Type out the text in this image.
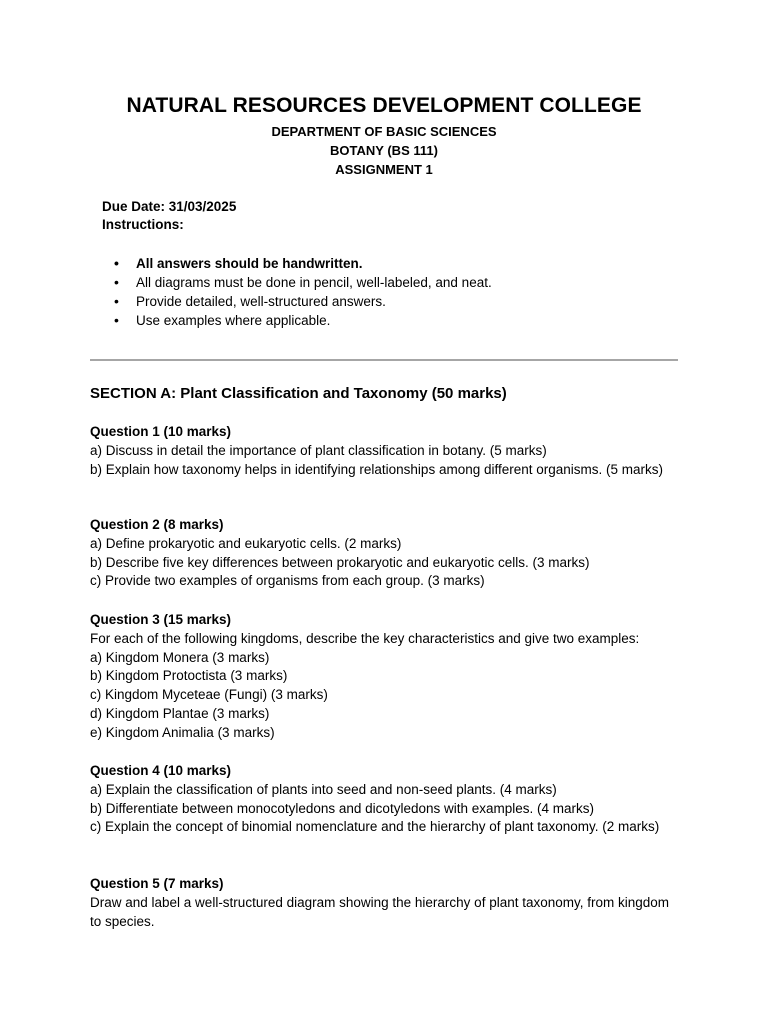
NATURAL RESOURCES DEVELOPMENT COLLEGE
DEPARTMENT OF BASIC SCIENCES
BOTANY (BS 111)
ASSIGNMENT 1
Due Date: 31/03/2025
Instructions:
• All answers should be handwritten.
• All diagrams must be done in pencil, well-labeled, and neat.
• Provide detailed, well-structured answers.
• Use examples where applicable.
SECTION A: Plant Classification and Taxonomy (50 marks)
Question 1 (10 marks)
a) Discuss in detail the importance of plant classification in botany. (5 marks)
b) Explain how taxonomy helps in identifying relationships among different organisms. (5 marks)
Question 2 (8 marks)
a) Define prokaryotic and eukaryotic cells. (2 marks)
b) Describe five key differences between prokaryotic and eukaryotic cells. (3 marks)
c) Provide two examples of organisms from each group. (3 marks)
Question 3 (15 marks)
For each of the following kingdoms, describe the key characteristics and give two examples:
a) Kingdom Monera (3 marks)
b) Kingdom Protoctista (3 marks)
c) Kingdom Myceteae (Fungi) (3 marks)
d) Kingdom Plantae (3 marks)
e) Kingdom Animalia (3 marks)
Question 4 (10 marks)
a) Explain the classification of plants into seed and non-seed plants. (4 marks)
b) Differentiate between monocotyledons and dicotyledons with examples. (4 marks)
c) Explain the concept of binomial nomenclature and the hierarchy of plant taxonomy. (2 marks)
Question 5 (7 marks)
Draw and label a well-structured diagram showing the hierarchy of plant taxonomy, from kingdom to species.
